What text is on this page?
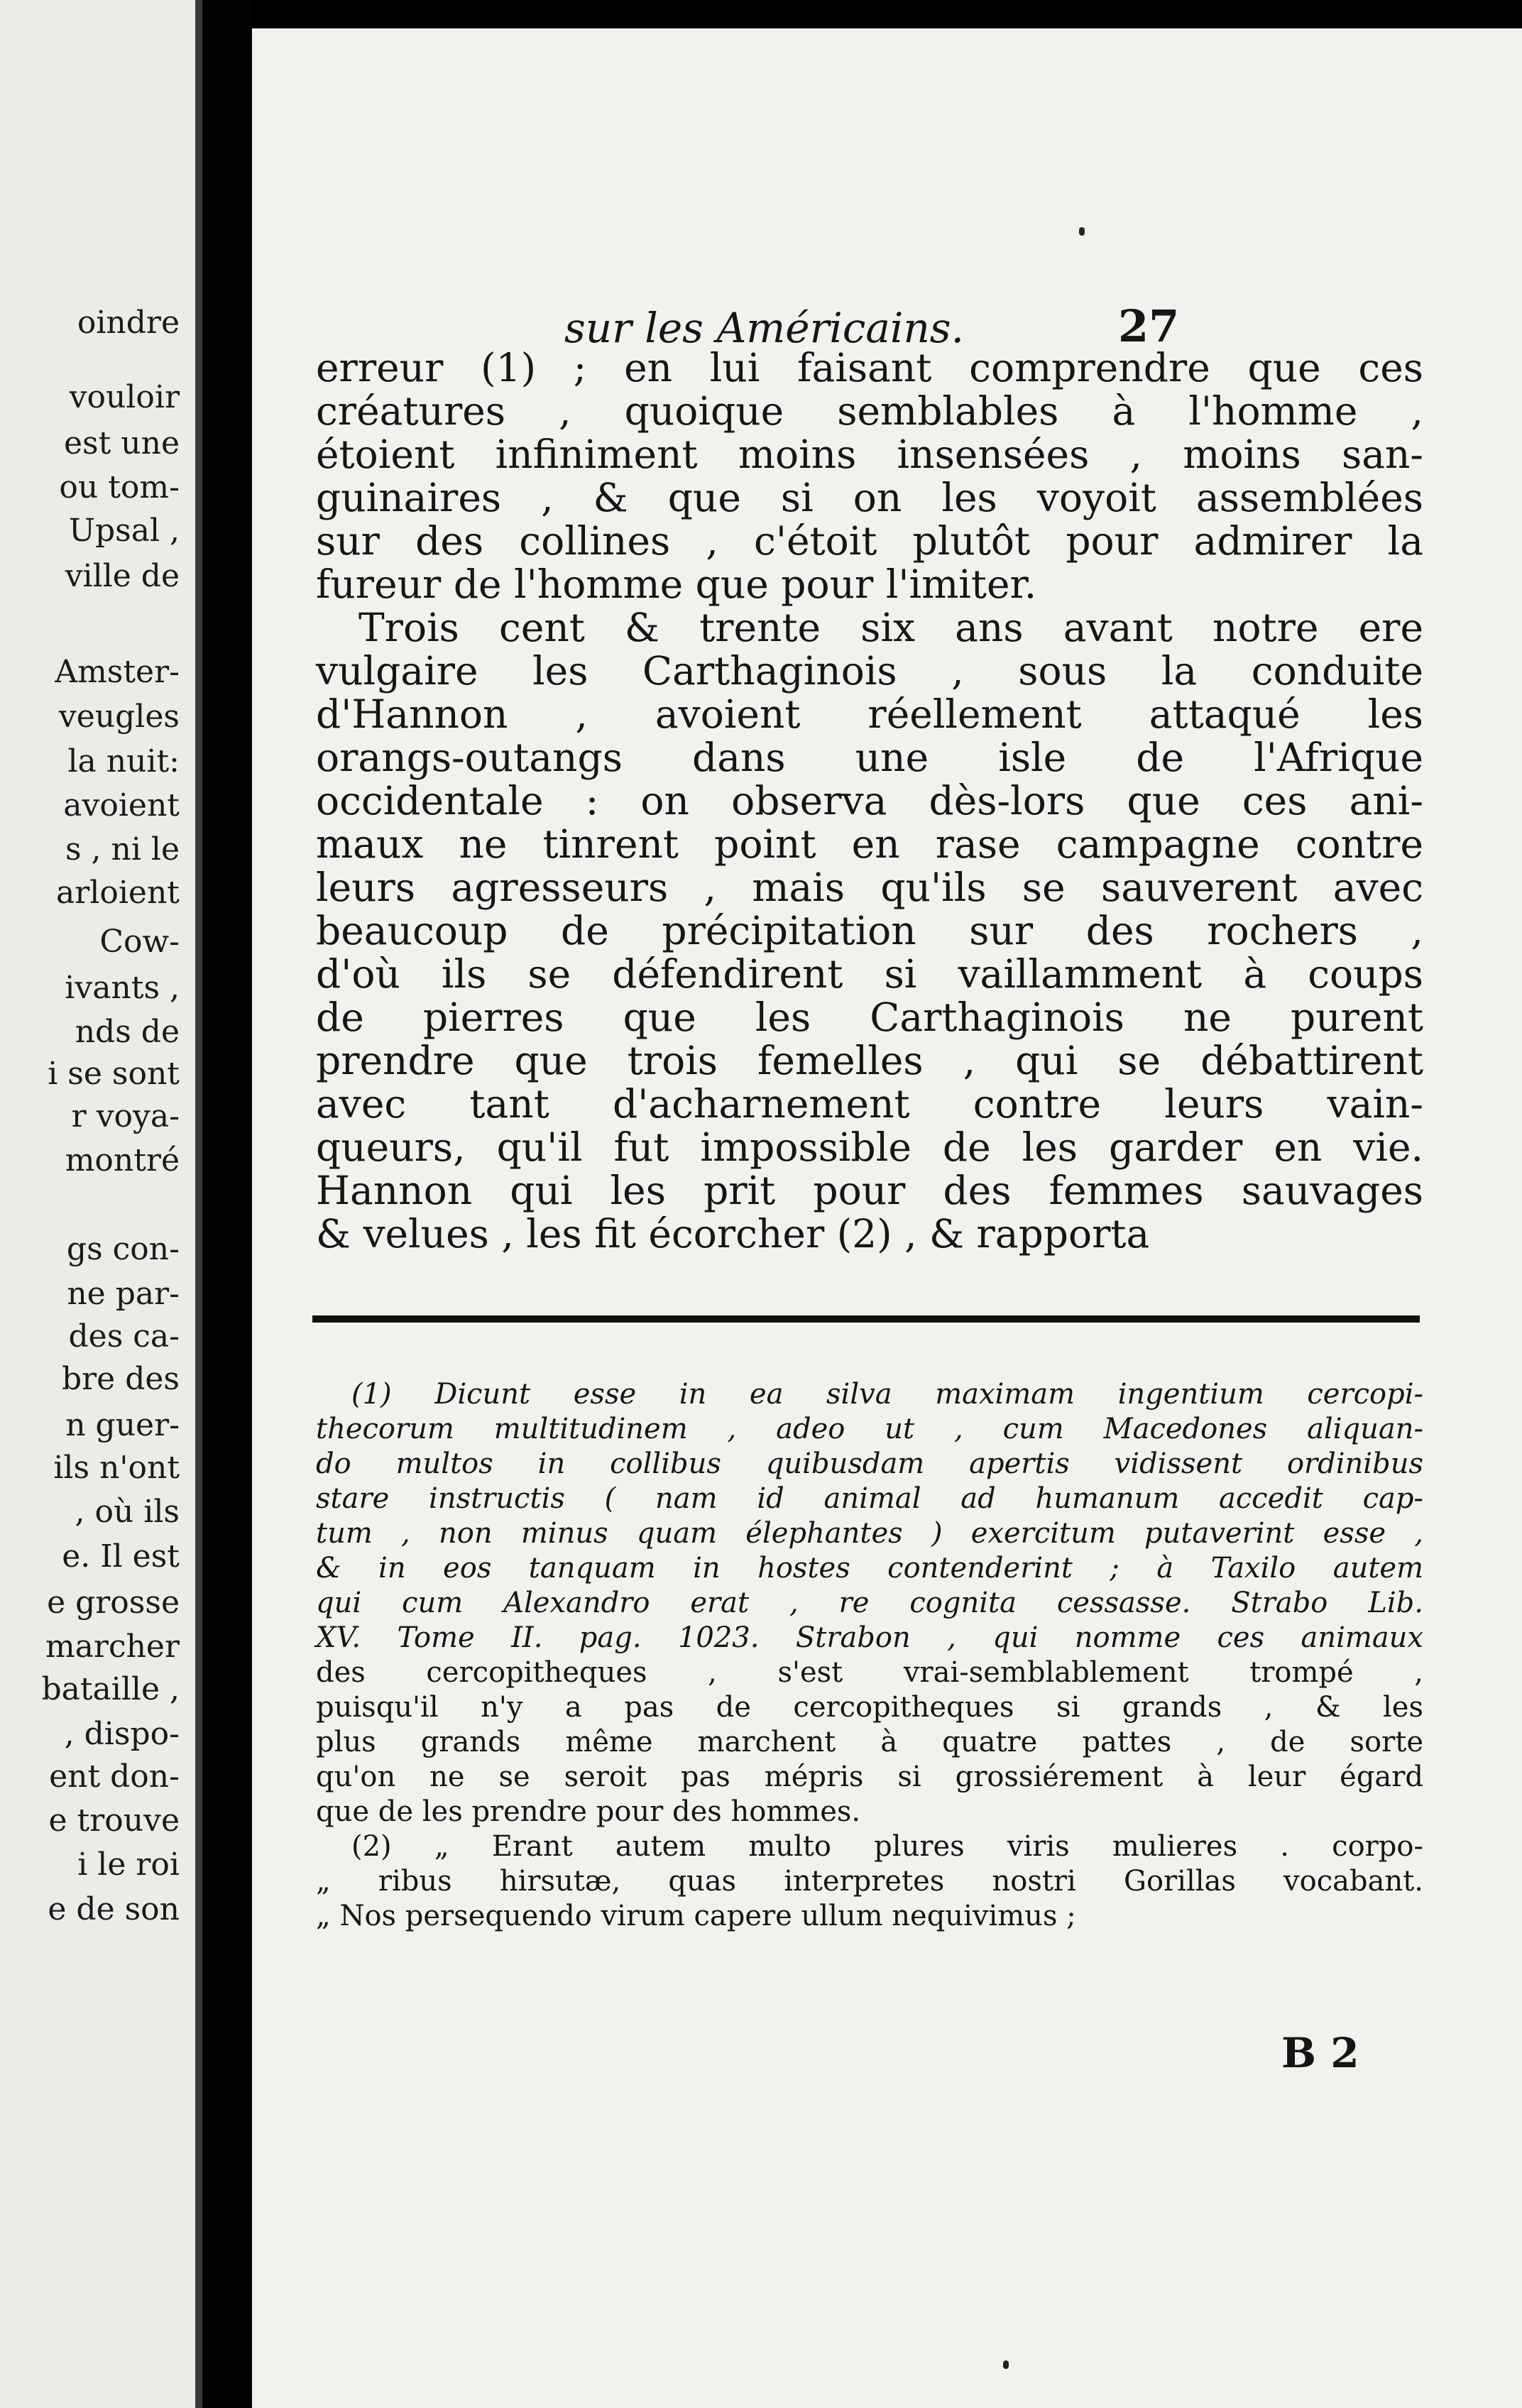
oindre
vouloir
est une
ou tom-
Upsal ,
ville de
Amster-
veugles
la nuit:
avoient
s , ni le
arloient
Cow-
ivants ,
nds de
i se sont
r voya-
montré
gs con-
ne par-
des ca-
bre des
n guer-
ils n'ont
, où ils
e. Il est
e grosse
marcher
bataille ,
, dispo-
ent don-
e trouve
i le roi
e de son
sur les Américains.	27
erreur (1) ; en lui faisant comprendre que ces
créatures , quoique semblables à l'homme ,
étoient infiniment moins insensées , moins san-
guinaires , & que si on les voyoit assemblées
sur des collines , c'étoit plutôt pour admirer la
fureur de l'homme que pour l'imiter.
Trois cent & trente six ans avant notre ere
vulgaire les Carthaginois , sous la conduite
d'Hannon , avoient réellement attaqué les
orangs-outangs dans une isle de l'Afrique
occidentale : on observa dès-lors que ces ani-
maux ne tinrent point en rase campagne contre
leurs agresseurs , mais qu'ils se sauverent avec
beaucoup de précipitation sur des rochers ,
d'où ils se défendirent si vaillamment à coups
de pierres que les Carthaginois ne purent
prendre que trois femelles , qui se débattirent
avec tant d'acharnement contre leurs vain-
queurs, qu'il fut impossible de les garder en vie.
Hannon qui les prit pour des femmes sauvages
& velues , les fit écorcher (2) , & rapporta
(1) Dicunt esse in ea silva maximam ingentium cercopi-
thecorum multitudinem , adeo ut , cum Macedones aliquan-
do multos in collibus quibusdam apertis vidissent ordinibus
stare instructis ( nam id animal ad humanum accedit cap-
tum , non minus quam élephantes ) exercitum putaverint esse ,
& in eos tanquam in hostes contenderint ; à Taxilo autem
qui cum Alexandro erat , re cognita cessasse. Strabo Lib.
XV. Tome II. pag. 1023. Strabon , qui nomme ces animaux
des cercopitheques , s'est vrai-semblablement trompé ,
puisqu'il n'y a pas de cercopitheques si grands , & les
plus grands même marchent à quatre pattes , de sorte
qu'on ne se seroit pas mépris si grossiérement à leur égard
que de les prendre pour des hommes.
(2) „ Erant autem multo plures viris mulieres . corpo-
„ ribus hirsutæ, quas interpretes nostri Gorillas vocabant.
„ Nos persequendo virum capere ullum nequivimus ;
B 2
